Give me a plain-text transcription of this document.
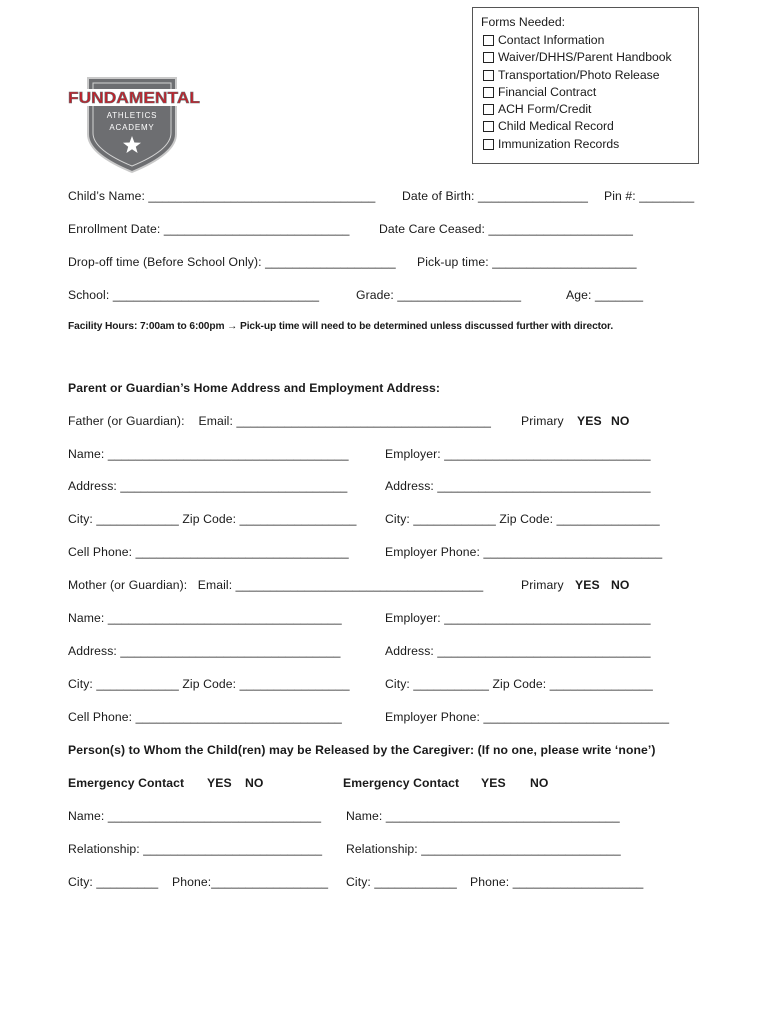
FUNDAMENTAL
ATHLETICS
ACADEMY
Forms Needed:
Contact Information
Waiver/DHHS/Parent Handbook
Transportation/Photo Release
Financial Contract
ACH Form/Credit
Child Medical Record
Immunization Records
Child’s Name: _________________________________ Date of Birth: ________________ Pin #: ________
Enrollment Date: ___________________________ Date Care Ceased: _____________________
Drop-off time (Before School Only): ___________________ Pick-up time: _____________________
School: ______________________________	Grade: __________________	Age: _______
Facility Hours: 7:00am to 6:00pm → Pick-up time will need to be determined unless discussed further with director.
Parent or Guardian’s Home Address and Employment Address:
Father (or Guardian):    Email: _____________________________________ Primary YES NO
Name: ___________________________________	Employer: ______________________________
Address: _________________________________	Address: _______________________________
City: ____________ Zip Code: _________________ City: ____________ Zip Code: _______________
Cell Phone: _______________________________	Employer Phone: __________________________
Mother (or Guardian):   Email: ____________________________________	Primary YES NO
Name: __________________________________	Employer: ______________________________
Address: ________________________________	Address: _______________________________
City: ____________ Zip Code: ________________	City: ___________ Zip Code: _______________
Cell Phone: ______________________________	Employer Phone: ___________________________
Person(s) to Whom the Child(ren) may be Released by the Caregiver: (If no one, please write ‘none’)
Emergency Contact YES NO	Emergency Contact YES NO
Name: _______________________________ Name: __________________________________
Relationship: __________________________ Relationship: _____________________________
City: _________ Phone:_________________ City: ____________ Phone: ___________________
